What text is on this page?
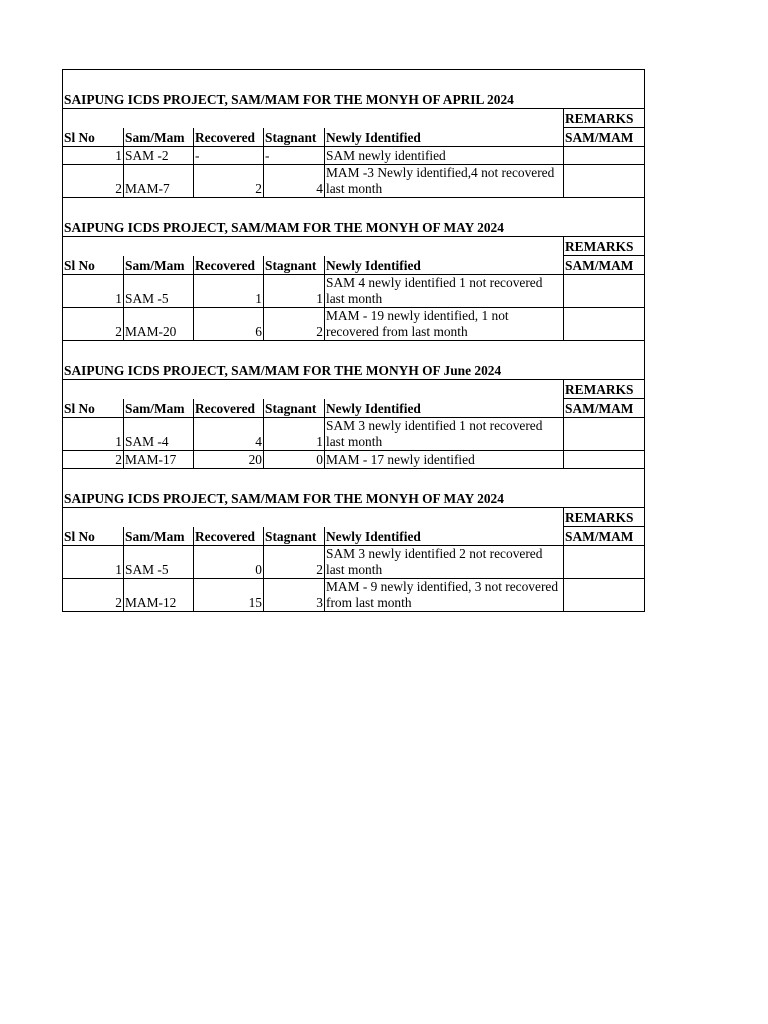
SAIPUNG ICDS PROJECT, SAM/MAM FOR THE MONYH OF APRIL 2024					
					REMARKS
Sl No	Sam/Mam	Recovered	Stagnant	Newly Identified	SAM/MAM
1	SAM -2	-	-	SAM newly identified	
2	MAM-7	2	4	MAM -3 Newly identified,4 not recovered last month	
SAIPUNG ICDS PROJECT, SAM/MAM FOR THE MONYH OF MAY 2024					
					REMARKS
Sl No	Sam/Mam	Recovered	Stagnant	Newly Identified	SAM/MAM
1	SAM -5	1	1	SAM 4 newly identified 1 not recovered last month	
2	MAM-20	6	2	MAM - 19 newly identified, 1 not recovered from last month	
SAIPUNG ICDS PROJECT, SAM/MAM FOR THE MONYH OF June 2024					
					REMARKS
Sl No	Sam/Mam	Recovered	Stagnant	Newly Identified	SAM/MAM
1	SAM -4	4	1	SAM 3 newly identified 1 not recovered last month	
2	MAM-17	20	0	MAM - 17 newly identified	
SAIPUNG ICDS PROJECT, SAM/MAM FOR THE MONYH OF MAY 2024					
					REMARKS
Sl No	Sam/Mam	Recovered	Stagnant	Newly Identified	SAM/MAM
1	SAM -5	0	2	SAM 3 newly identified 2 not recovered last month	
2	MAM-12	15	3	MAM - 9 newly identified, 3 not recovered from last month	
